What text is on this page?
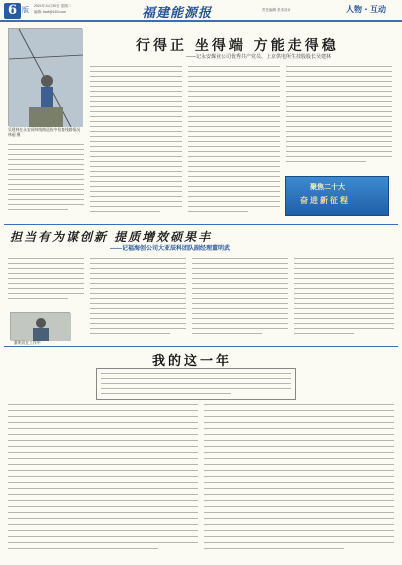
6 版
2021年11月30日 星期二
编辑: fuwl@163.com	福建能源报	责任编辑 美术设计	人物・互动
吴建林在永安网纬线路巡检中检查线路情况 林丽 摄
行得正 坐得端 方能走得稳
——记永安煤业公司优秀共产党员、上京供电所生技股股长吴建林
聚焦二十大
奋进新征程
担当有为谋创新 提质增效硕果丰
——记福海创公司大亚辰科团队副经理董明武
董明武在工作中
我的这一年
